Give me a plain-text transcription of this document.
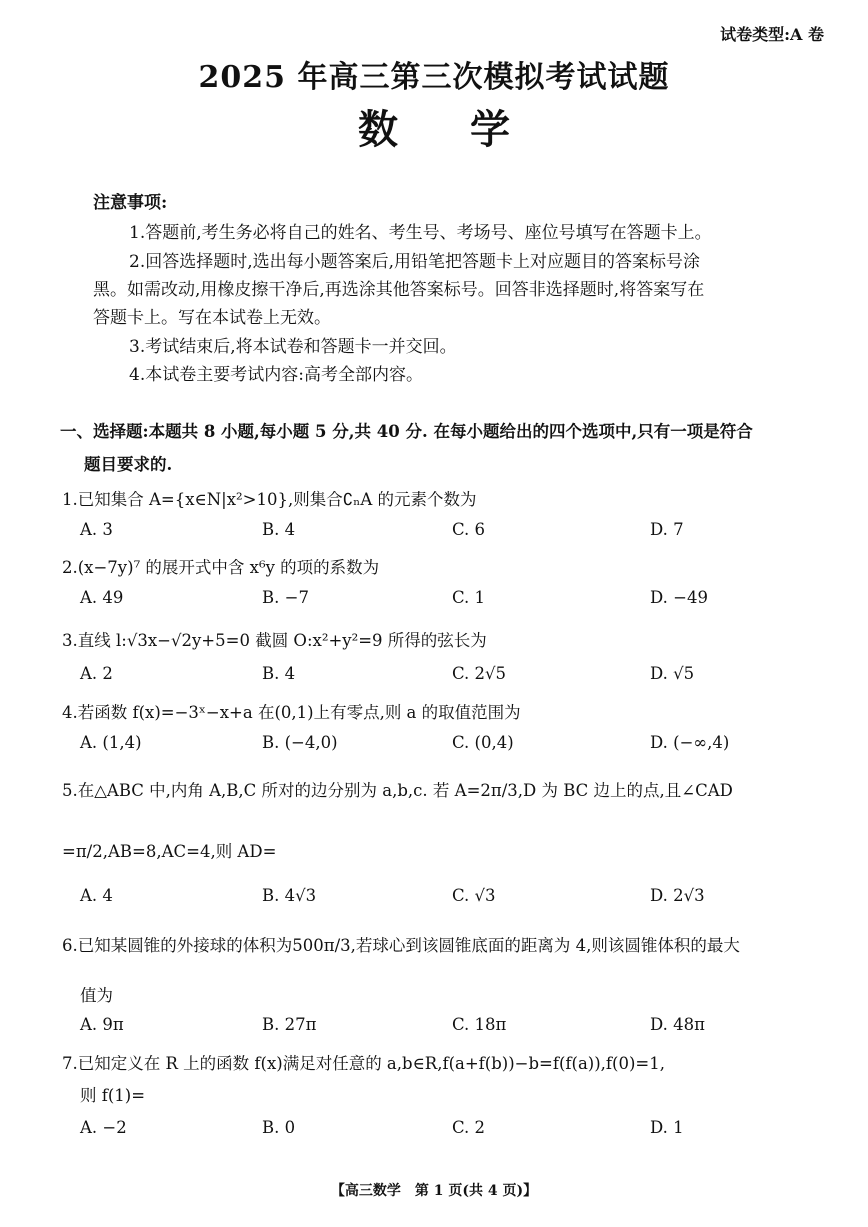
试卷类型:A 卷
2025 年高三第三次模拟考试试题
数学
注意事项:
1.答题前,考生务必将自己的姓名、考生号、考场号、座位号填写在答题卡上。
2.回答选择题时,选出每小题答案后,用铅笔把答题卡上对应题目的答案标号涂
黑。如需改动,用橡皮擦干净后,再选涂其他答案标号。回答非选择题时,将答案写在
答题卡上。写在本试卷上无效。
3.考试结束后,将本试卷和答题卡一并交回。
4.本试卷主要考试内容:高考全部内容。
一、选择题:本题共 8 小题,每小题 5 分,共 40 分. 在每小题给出的四个选项中,只有一项是符合
题目要求的.
1.已知集合 A={x∈N|x²>10},则集合∁ₙA 的元素个数为
A. 3	B. 4	C. 6	D. 7
2.(x−7y)⁷ 的展开式中含 x⁶y 的项的系数为
A. 49	B. −7	C. 1	D. −49
3.直线 l:√3x−√2y+5=0 截圆 O:x²+y²=9 所得的弦长为
A. 2	B. 4	C. 2√5	D. √5
4.若函数 f(x)=−3ˣ−x+a 在(0,1)上有零点,则 a 的取值范围为
A. (1,4)	B. (−4,0)	C. (0,4)	D. (−∞,4)
5.在△ABC 中,内角 A,B,C 所对的边分别为 a,b,c. 若 A=2π/3,D 为 BC 边上的点,且∠CAD
=π/2,AB=8,AC=4,则 AD=
A. 4	B. 4√3	C. √3	D. 2√3
6.已知某圆锥的外接球的体积为500π/3,若球心到该圆锥底面的距离为 4,则该圆锥体积的最大
值为
A. 9π	B. 27π	C. 18π	D. 48π
7.已知定义在 R 上的函数 f(x)满足对任意的 a,b∈R,f(a+f(b))−b=f(f(a)),f(0)=1,
则 f(1)=
A. −2	B. 0	C. 2	D. 1
【高三数学　第 1 页(共 4 页)】
